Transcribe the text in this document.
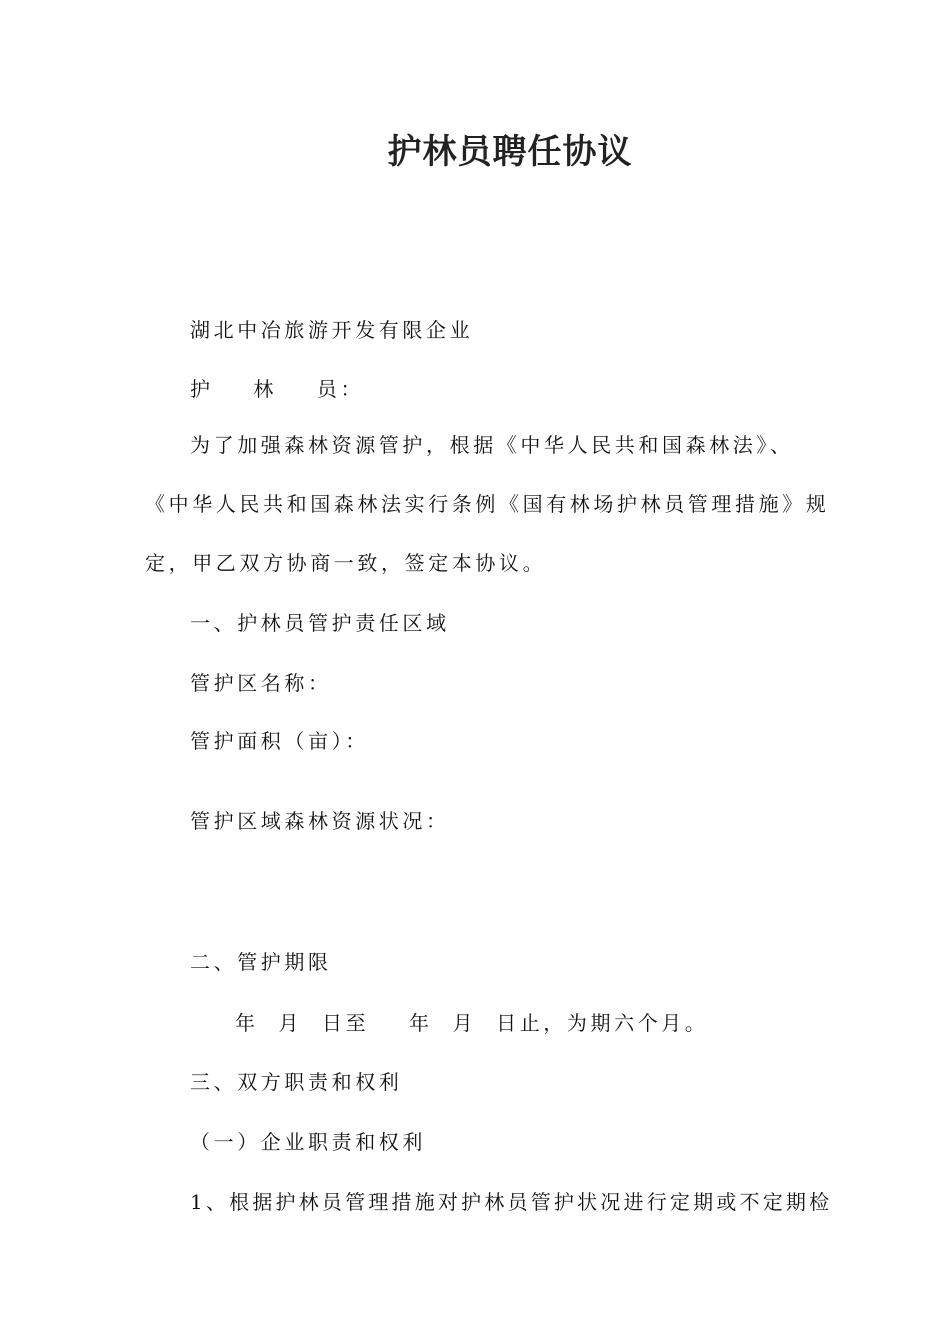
护林员聘任协议
湖北中冶旅游开发有限企业
护    林    员：
为了加强森林资源管护，根据《中华人民共和国森林法》、
《中华人民共和国森林法实行条例《国有林场护林员管理措施》规
定，甲乙双方协商一致，签定本协议。
一、护林员管护责任区域
管护区名称：
管护面积（亩）：
管护区域森林资源状况：
二、管护期限
年  月  日至    年  月  日止，为期六个月。
三、双方职责和权利
（一）企业职责和权利
1、根据护林员管理措施对护林员管护状况进行定期或不定期检
